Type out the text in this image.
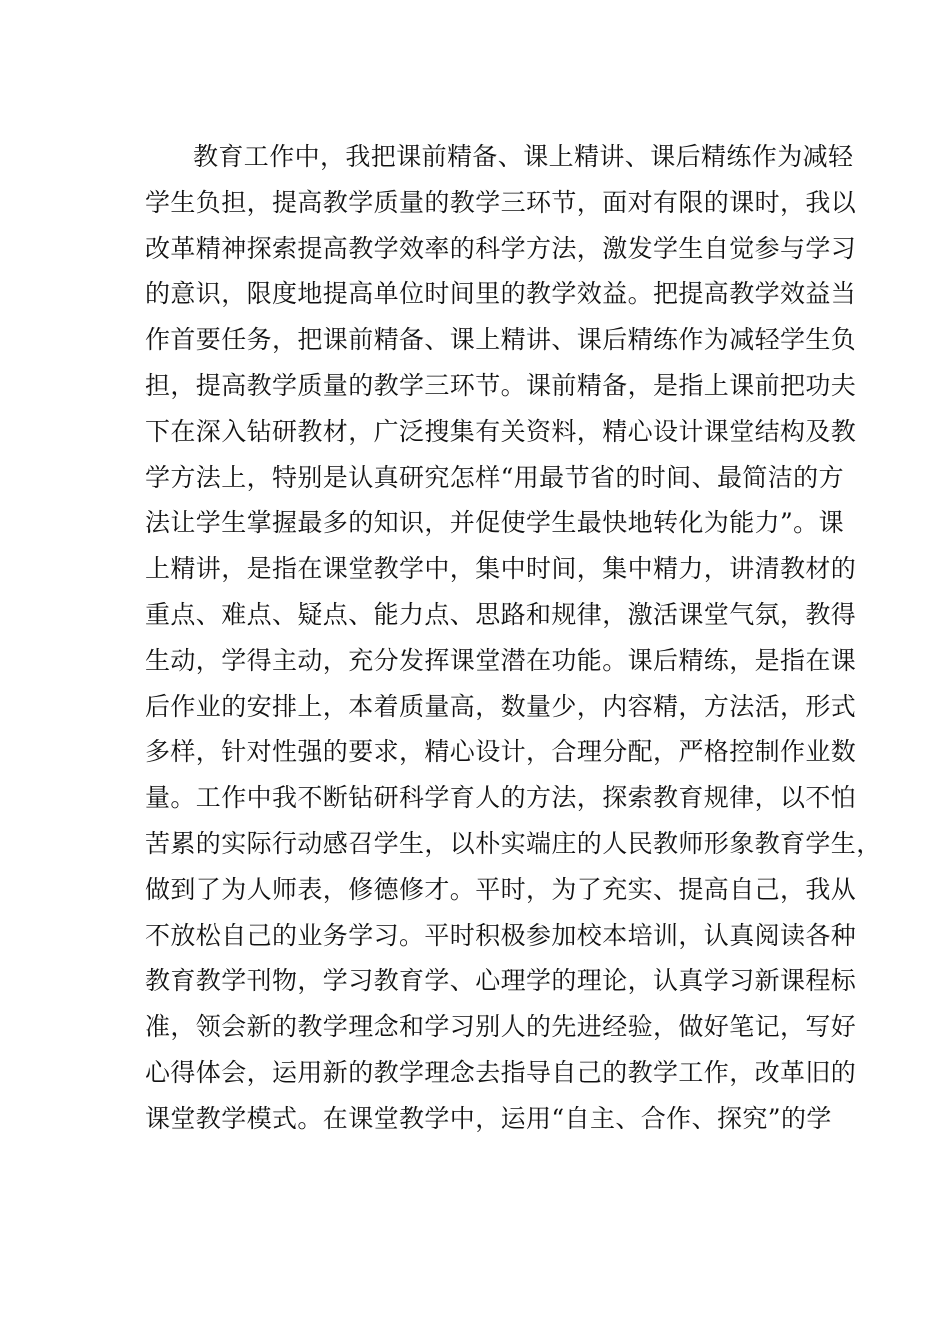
教育工作中，我把课前精备、课上精讲、课后精练作为减轻
学生负担，提高教学质量的教学三环节，面对有限的课时，我以
改革精神探索提高教学效率的科学方法，激发学生自觉参与学习
的意识，限度地提高单位时间里的教学效益。把提高教学效益当
作首要任务，把课前精备、课上精讲、课后精练作为减轻学生负
担，提高教学质量的教学三环节。课前精备，是指上课前把功夫
下在深入钻研教材，广泛搜集有关资料，精心设计课堂结构及教
学方法上，特别是认真研究怎样“用最节省的时间、最简洁的方
法让学生掌握最多的知识，并促使学生最快地转化为能力”。课
上精讲，是指在课堂教学中，集中时间，集中精力，讲清教材的
重点、难点、疑点、能力点、思路和规律，激活课堂气氛，教得
生动，学得主动，充分发挥课堂潜在功能。课后精练，是指在课
后作业的安排上，本着质量高，数量少，内容精，方法活，形式
多样，针对性强的要求，精心设计，合理分配，严格控制作业数
量。工作中我不断钻研科学育人的方法，探索教育规律，以不怕
苦累的实际行动感召学生，以朴实端庄的人民教师形象教育学生，
做到了为人师表，修德修才。平时，为了充实、提高自己，我从
不放松自己的业务学习。平时积极参加校本培训，认真阅读各种
教育教学刊物，学习教育学、心理学的理论，认真学习新课程标
准，领会新的教学理念和学习别人的先进经验，做好笔记，写好
心得体会，运用新的教学理念去指导自己的教学工作，改革旧的
课堂教学模式。在课堂教学中，运用“自主、合作、探究”的学
